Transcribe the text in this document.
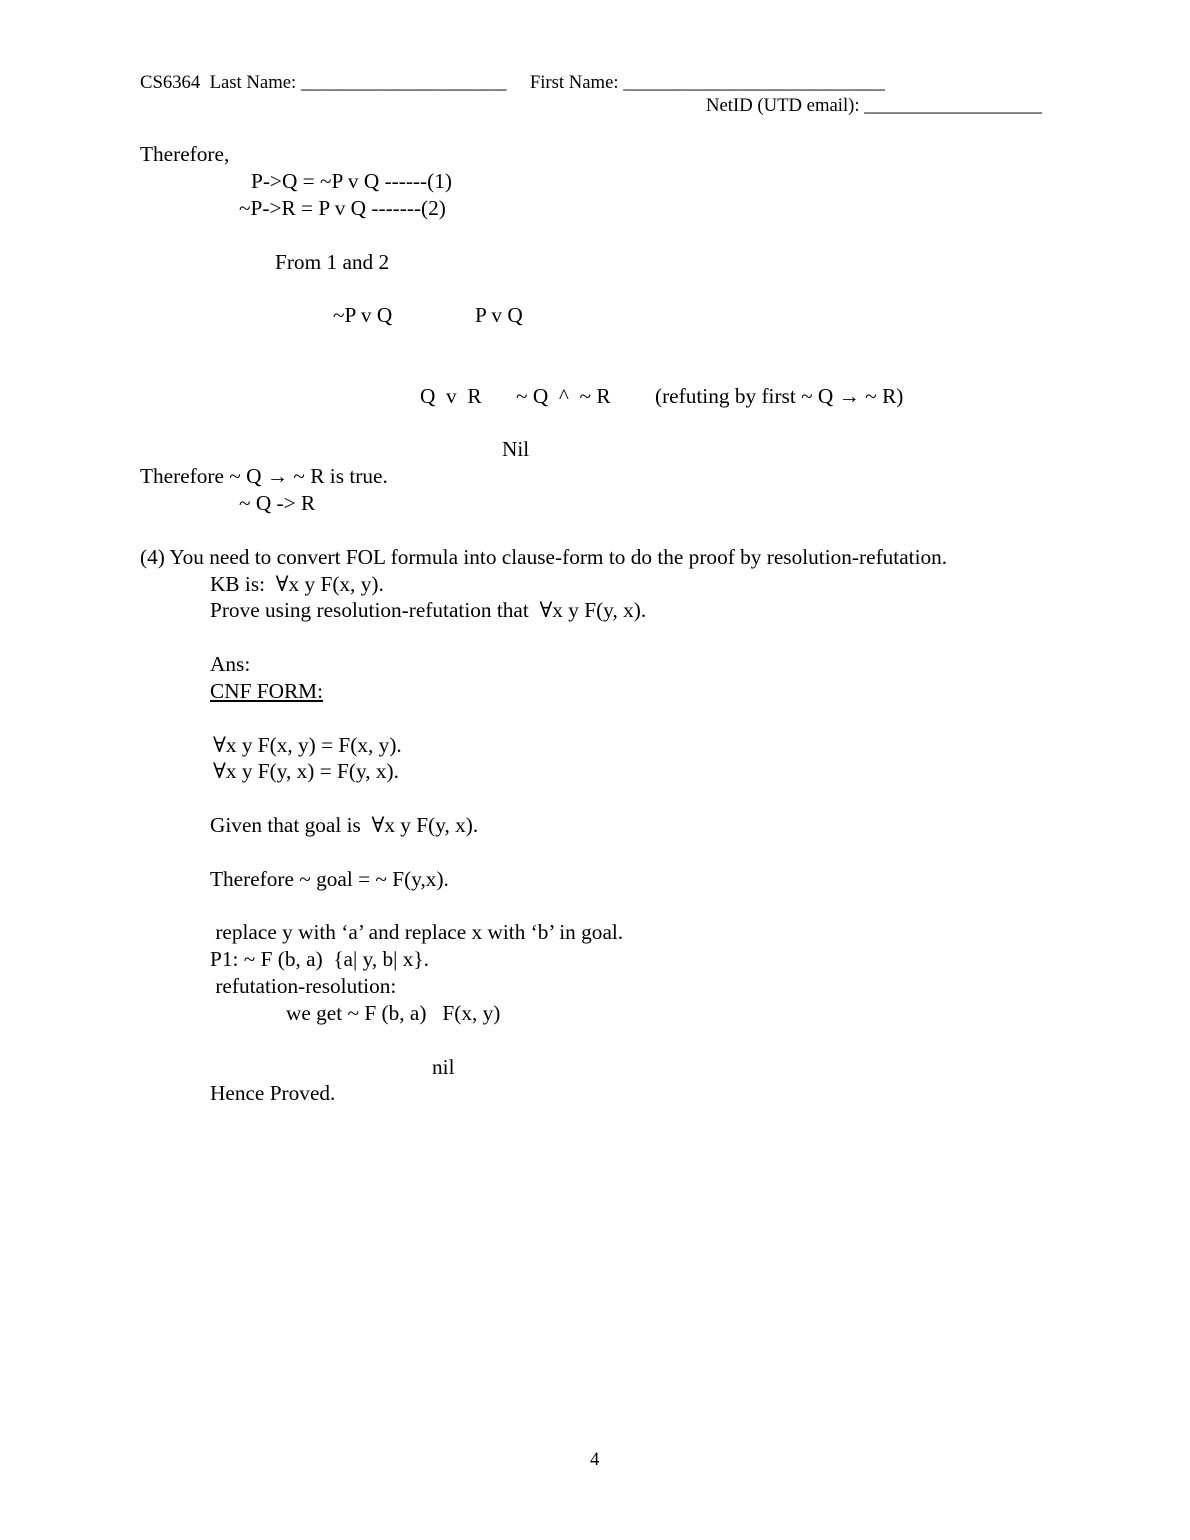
CS6364  Last Name: ______________________     First Name: ____________________________
NetID (UTD email): ___________________
Therefore,
P->Q = ~P v Q ------(1)
~P->R = P v Q -------(2)
From 1 and 2
~P v Q	P v Q
Q  v  R ~ Q  ^  ~ R (refuting by first ~ Q → ~ R)
Nil
Therefore ~ Q → ~ R is true.
~ Q -> R
(4) You need to convert FOL formula into clause-form to do the proof by resolution-refutation.
KB is:  ∀x y F(x, y).
Prove using resolution-refutation that  ∀x y F(y, x).
Ans:
CNF FORM:
∀x y F(x, y) = F(x, y).
∀x y F(y, x) = F(y, x).
Given that goal is  ∀x y F(y, x).
Therefore ~ goal = ~ F(y,x).
replace y with ‘a’ and replace x with ‘b’ in goal.
P1: ~ F (b, a)  {a| y, b| x}.
refutation-resolution:
we get ~ F (b, a)   F(x, y)
nil
Hence Proved.
4
